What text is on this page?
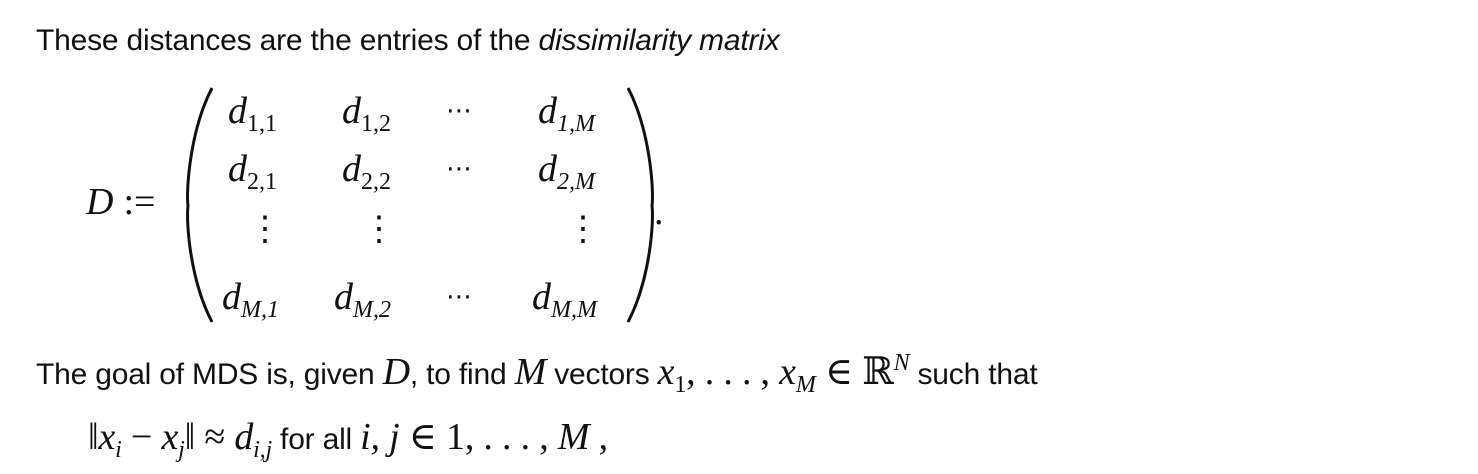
These distances are the entries of the dissimilarity matrix
D :=
$d_{1,1}$ $d_{1,2}$ ⋯ $d_{1,M}$
$d_{2,1}$ $d_{2,2}$ ⋯ $d_{2,M}$
⋮ ⋮	⋮
$d_{M,1}$ $d_{M,2}$ ⋯ $d_{M,M}$
.
The goal of MDS is, given D, to find M vectors $x_1$, . . . , $x_M$ ∈ ℝ$^N$ such that
$‖x_i$ − $x_j‖ \approx d_{i,j}$ for all i, j ∈ 1, . . . , M ,
